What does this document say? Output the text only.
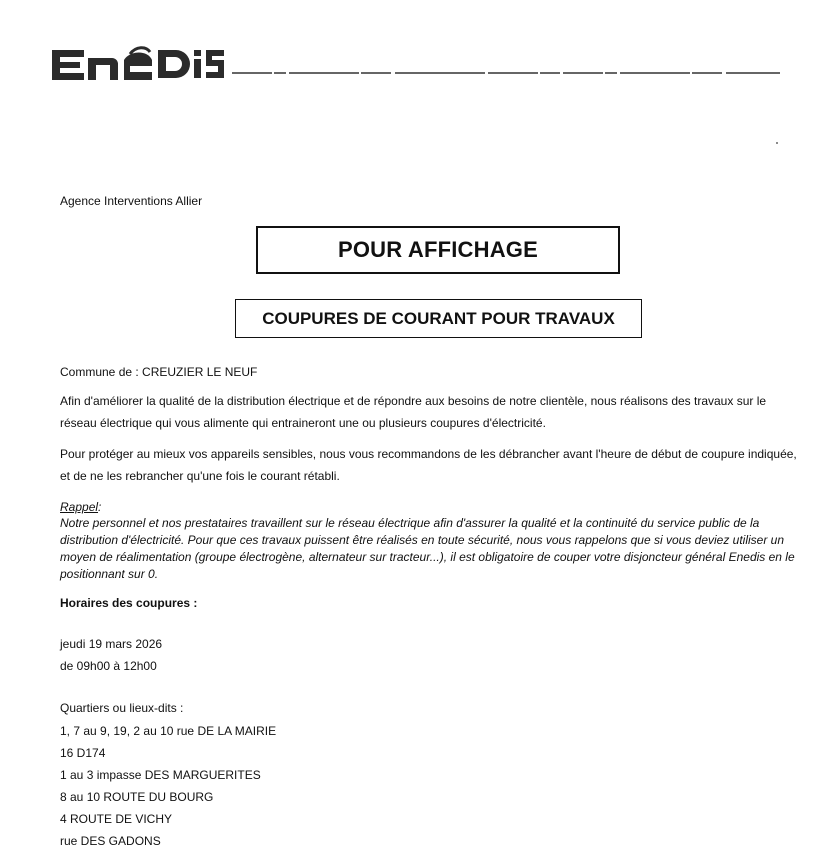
Agence Interventions Allier
POUR AFFICHAGE
COUPURES DE COURANT POUR TRAVAUX
Commune de : CREUZIER LE NEUF

Afin d'améliorer la qualité de la distribution électrique et de répondre aux besoins de notre clientèle, nous réalisons des travaux sur le réseau électrique qui vous alimente qui entraineront une ou plusieurs coupures d'électricité.

Pour protéger au mieux vos appareils sensibles, nous vous recommandons de les débrancher avant l'heure de début de coupure indiquée, et de ne les rebrancher qu'une fois le courant rétabli.

Rappel:

Notre personnel et nos prestataires travaillent sur le réseau électrique afin d'assurer la qualité et la continuité du service public de la distribution d'électricité. Pour que ces travaux puissent être réalisés en toute sécurité, nous vous rappelons que si vous deviez utiliser un moyen de réalimentation (groupe électrogène, alternateur sur tracteur...), il est obligatoire de couper votre disjoncteur général Enedis en le positionnant sur 0.

Horaires des coupures :
jeudi 19 mars 2026
de 09h00 à 12h00
Quartiers ou lieux-dits :
1, 7 au 9, 19, 2 au 10 rue DE LA MAIRIE
16 D174
1 au 3 impasse DES MARGUERITES
8 au 10 ROUTE DU BOURG
4 ROUTE DE VICHY
rue DES GADONS
